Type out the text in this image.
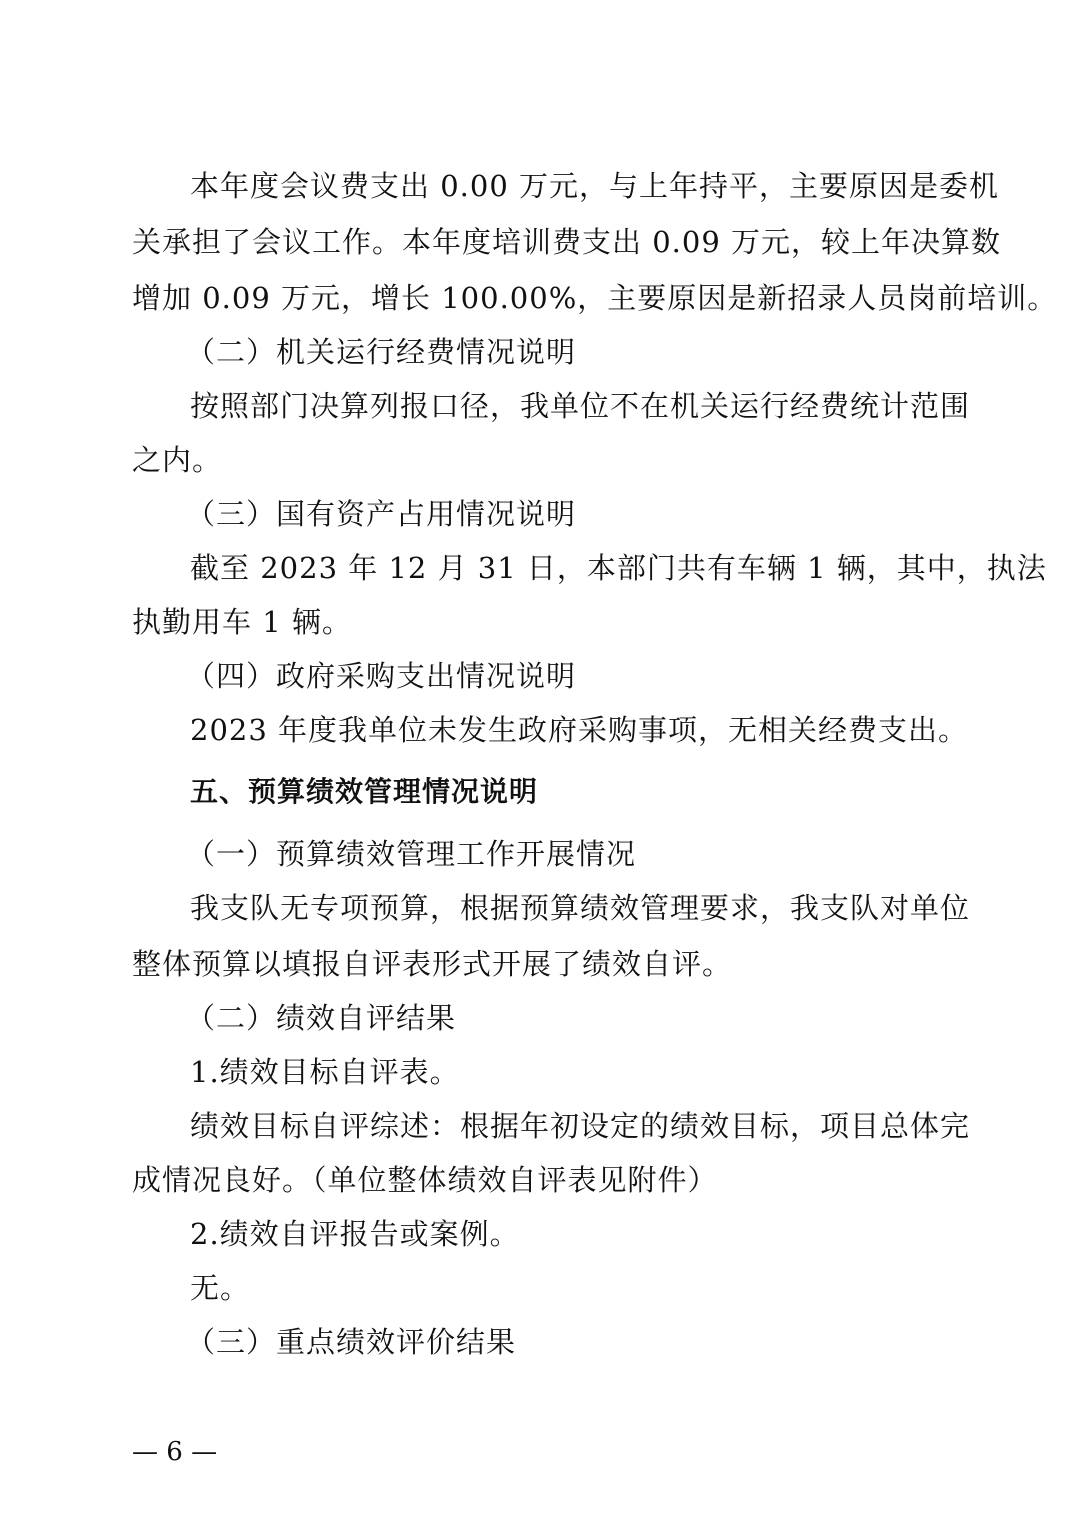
本年度会议费支出 0.00 万元，与上年持平，主要原因是委机
关承担了会议工作。本年度培训费支出 0.09 万元，较上年决算数
增加 0.09 万元，增长 100.00%，主要原因是新招录人员岗前培训。
（二）机关运行经费情况说明
按照部门决算列报口径，我单位不在机关运行经费统计范围
之内。
（三）国有资产占用情况说明
截至 2023 年 12 月 31 日，本部门共有车辆 1 辆，其中，执法
执勤用车 1 辆。
（四）政府采购支出情况说明
2023 年度我单位未发生政府采购事项，无相关经费支出。
五、预算绩效管理情况说明
（一）预算绩效管理工作开展情况
我支队无专项预算，根据预算绩效管理要求，我支队对单位
整体预算以填报自评表形式开展了绩效自评。
（二）绩效自评结果
1.绩效目标自评表。
绩效目标自评综述：根据年初设定的绩效目标，项目总体完
成情况良好。（单位整体绩效自评表见附件）
2.绩效自评报告或案例。
无。
（三）重点绩效评价结果
— 6 —
